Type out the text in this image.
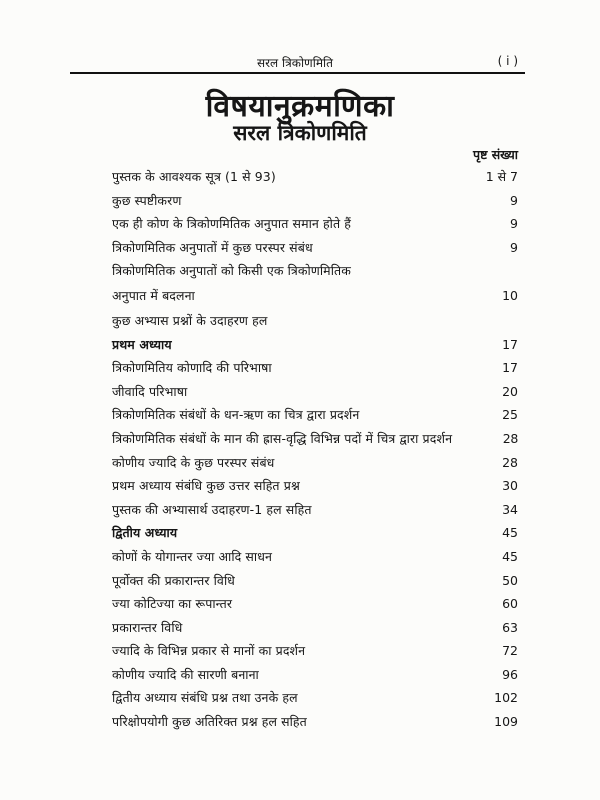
सरल त्रिकोणमिति	( i )
विषयानुक्रमणिका
सरल त्रिकोणमिति
पृष्ट संख्या
पुस्तक के आवश्यक सूत्र (1 से 93)	1 से 7
कुछ स्पष्टीकरण	9
एक ही कोण के त्रिकोणमितिक अनुपात समान होते हैं	9
त्रिकोणमितिक अनुपातों में कुछ परस्पर संबंध	9
त्रिकोणमितिक अनुपातों को किसी एक त्रिकोणमितिक
अनुपात में बदलना	10
कुछ अभ्यास प्रश्नों के उदाहरण हल
प्रथम अध्याय	17
त्रिकोणमितिय कोणादि की परिभाषा	17
जीवादि परिभाषा	20
त्रिकोणमितिक संबंधों के धन-ऋण का चित्र द्वारा प्रदर्शन	25
त्रिकोणमितिक संबंधों के मान की ह्रास-वृद्धि विभिन्न पदों में चित्र द्वारा प्रदर्शन	28
कोणीय ज्यादि के कुछ परस्पर संबंध	28
प्रथम अध्याय संबंधि कुछ उत्तर सहित प्रश्न	30
पुस्तक की अभ्यासार्थ उदाहरण-1 हल सहित	34
द्वितीय अध्याय	45
कोणों के योगान्तर ज्या आदि साधन	45
पूर्वोक्त की प्रकारान्तर विधि	50
ज्या कोटिज्या का रूपान्तर	60
प्रकारान्तर विधि	63
ज्यादि के विभिन्न प्रकार से मानों का प्रदर्शन	72
कोणीय ज्यादि की सारणी बनाना	96
द्वितीय अध्याय संबंधि प्रश्न तथा उनके हल	102
परिक्षोपयोगी कुछ अतिरिक्त प्रश्न हल सहित	109
